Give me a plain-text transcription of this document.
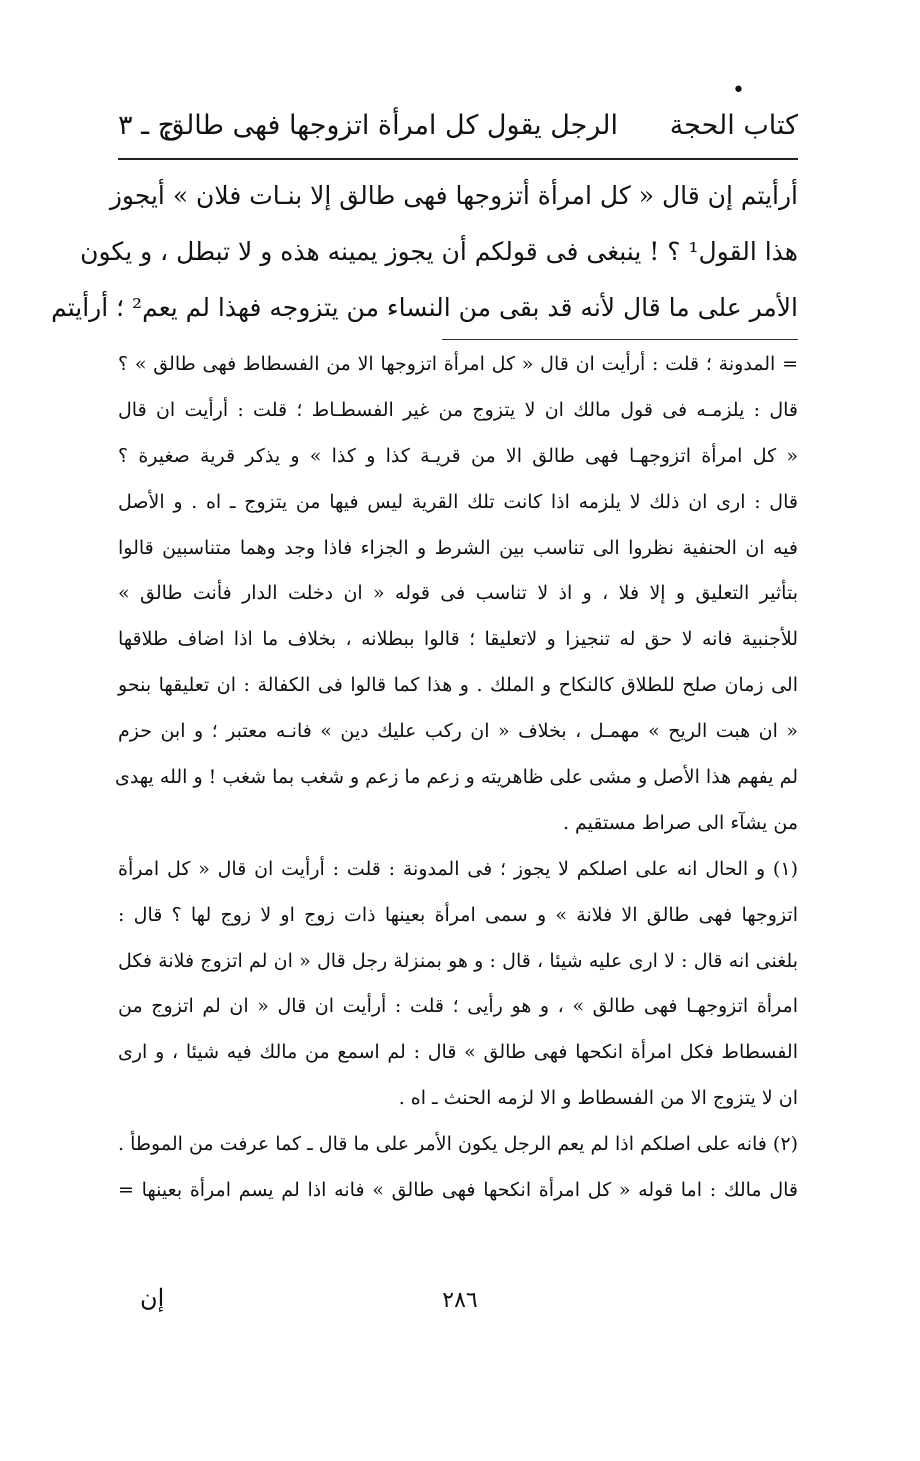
•
كتاب الحجة
الرجل يقول كل امرأة اتزوجها فهى طالق
ج ـ ٣
أرأيتم إن قال « كل امرأة أتزوجها فهى طالق إلا بنـات فلان » أيجوز
هذا القول¹ ؟ ! ينبغى فى قولكم أن يجوز يمينه هذه و لا تبطل ، و يكون
الأمر على ما قال لأنه قد بقى من النساء من يتزوجه فهذا لم يعم² ؛ أرأيتم
= المدونة ؛ قلت : أرأيت ان قال « كل امرأة اتزوجها الا من الفسطاط فهى طالق » ؟
قال : يلزمـه فى قول مالك ان لا يتزوج من غير الفسطـاط ؛ قلت : أرأيت ان قال
« كل امرأة اتزوجهـا فهى طالق الا من قريـة كذا و كذا » و يذكر قرية صغيرة ؟
قال : ارى ان ذلك لا يلزمه اذا كانت تلك القرية ليس فيها من يتزوج ـ اه . و الأصل
فيه ان الحنفية نظروا الى تناسب بين الشرط و الجزاء فاذا وجد وهما متناسبين قالوا
بتأثير التعليق و إلا فلا ، و اذ لا تناسب فى قوله « ان دخلت الدار فأنت طالق »
للأجنبية فانه لا حق له تنجيزا و لاتعليقا ؛ قالوا ببطلانه ، بخلاف ما اذا اضاف طلاقها
الى زمان صلح للطلاق كالنكاح و الملك . و هذا كما قالوا فى الكفالة : ان تعليقها بنحو
« ان هبت الريح » مهمـل ، بخلاف « ان ركب عليك دين » فانـه معتبر ؛ و ابن حزم
لم يفهم هذا الأصل و مشى على ظاهريته و زعم ما زعم و شغب بما شغب ! و الله يهدى
من يشآء الى صراط مستقيم .
(١) و الحال انه على اصلكم لا يجوز ؛ فى المدونة : قلت : أرأيت ان قال « كل امرأة
اتزوجها فهى طالق الا فلانة » و سمى امرأة بعينها ذات زوج او لا زوج لها ؟ قال :
بلغنى انه قال : لا ارى عليه شيئا ، قال : و هو بمنزلة رجل قال « ان لم اتزوج فلانة فكل
امرأة اتزوجهـا فهى طالق » ، و هو رأيى ؛ قلت : أرأيت ان قال « ان لم اتزوج من
الفسطاط فكل امرأة انكحها فهى طالق » قال : لم اسمع من مالك فيه شيئا ، و ارى
ان لا يتزوج الا من الفسطاط و الا لزمه الحنث ـ اه .
(٢) فانه على اصلكم اذا لم يعم الرجل يكون الأمر على ما قال ـ كما عرفت من الموطأ .
قال مالك : اما قوله « كل امرأة انكحها فهى طالق » فانه اذا لم يسم امرأة بعينها =
إن	٢٨٦
